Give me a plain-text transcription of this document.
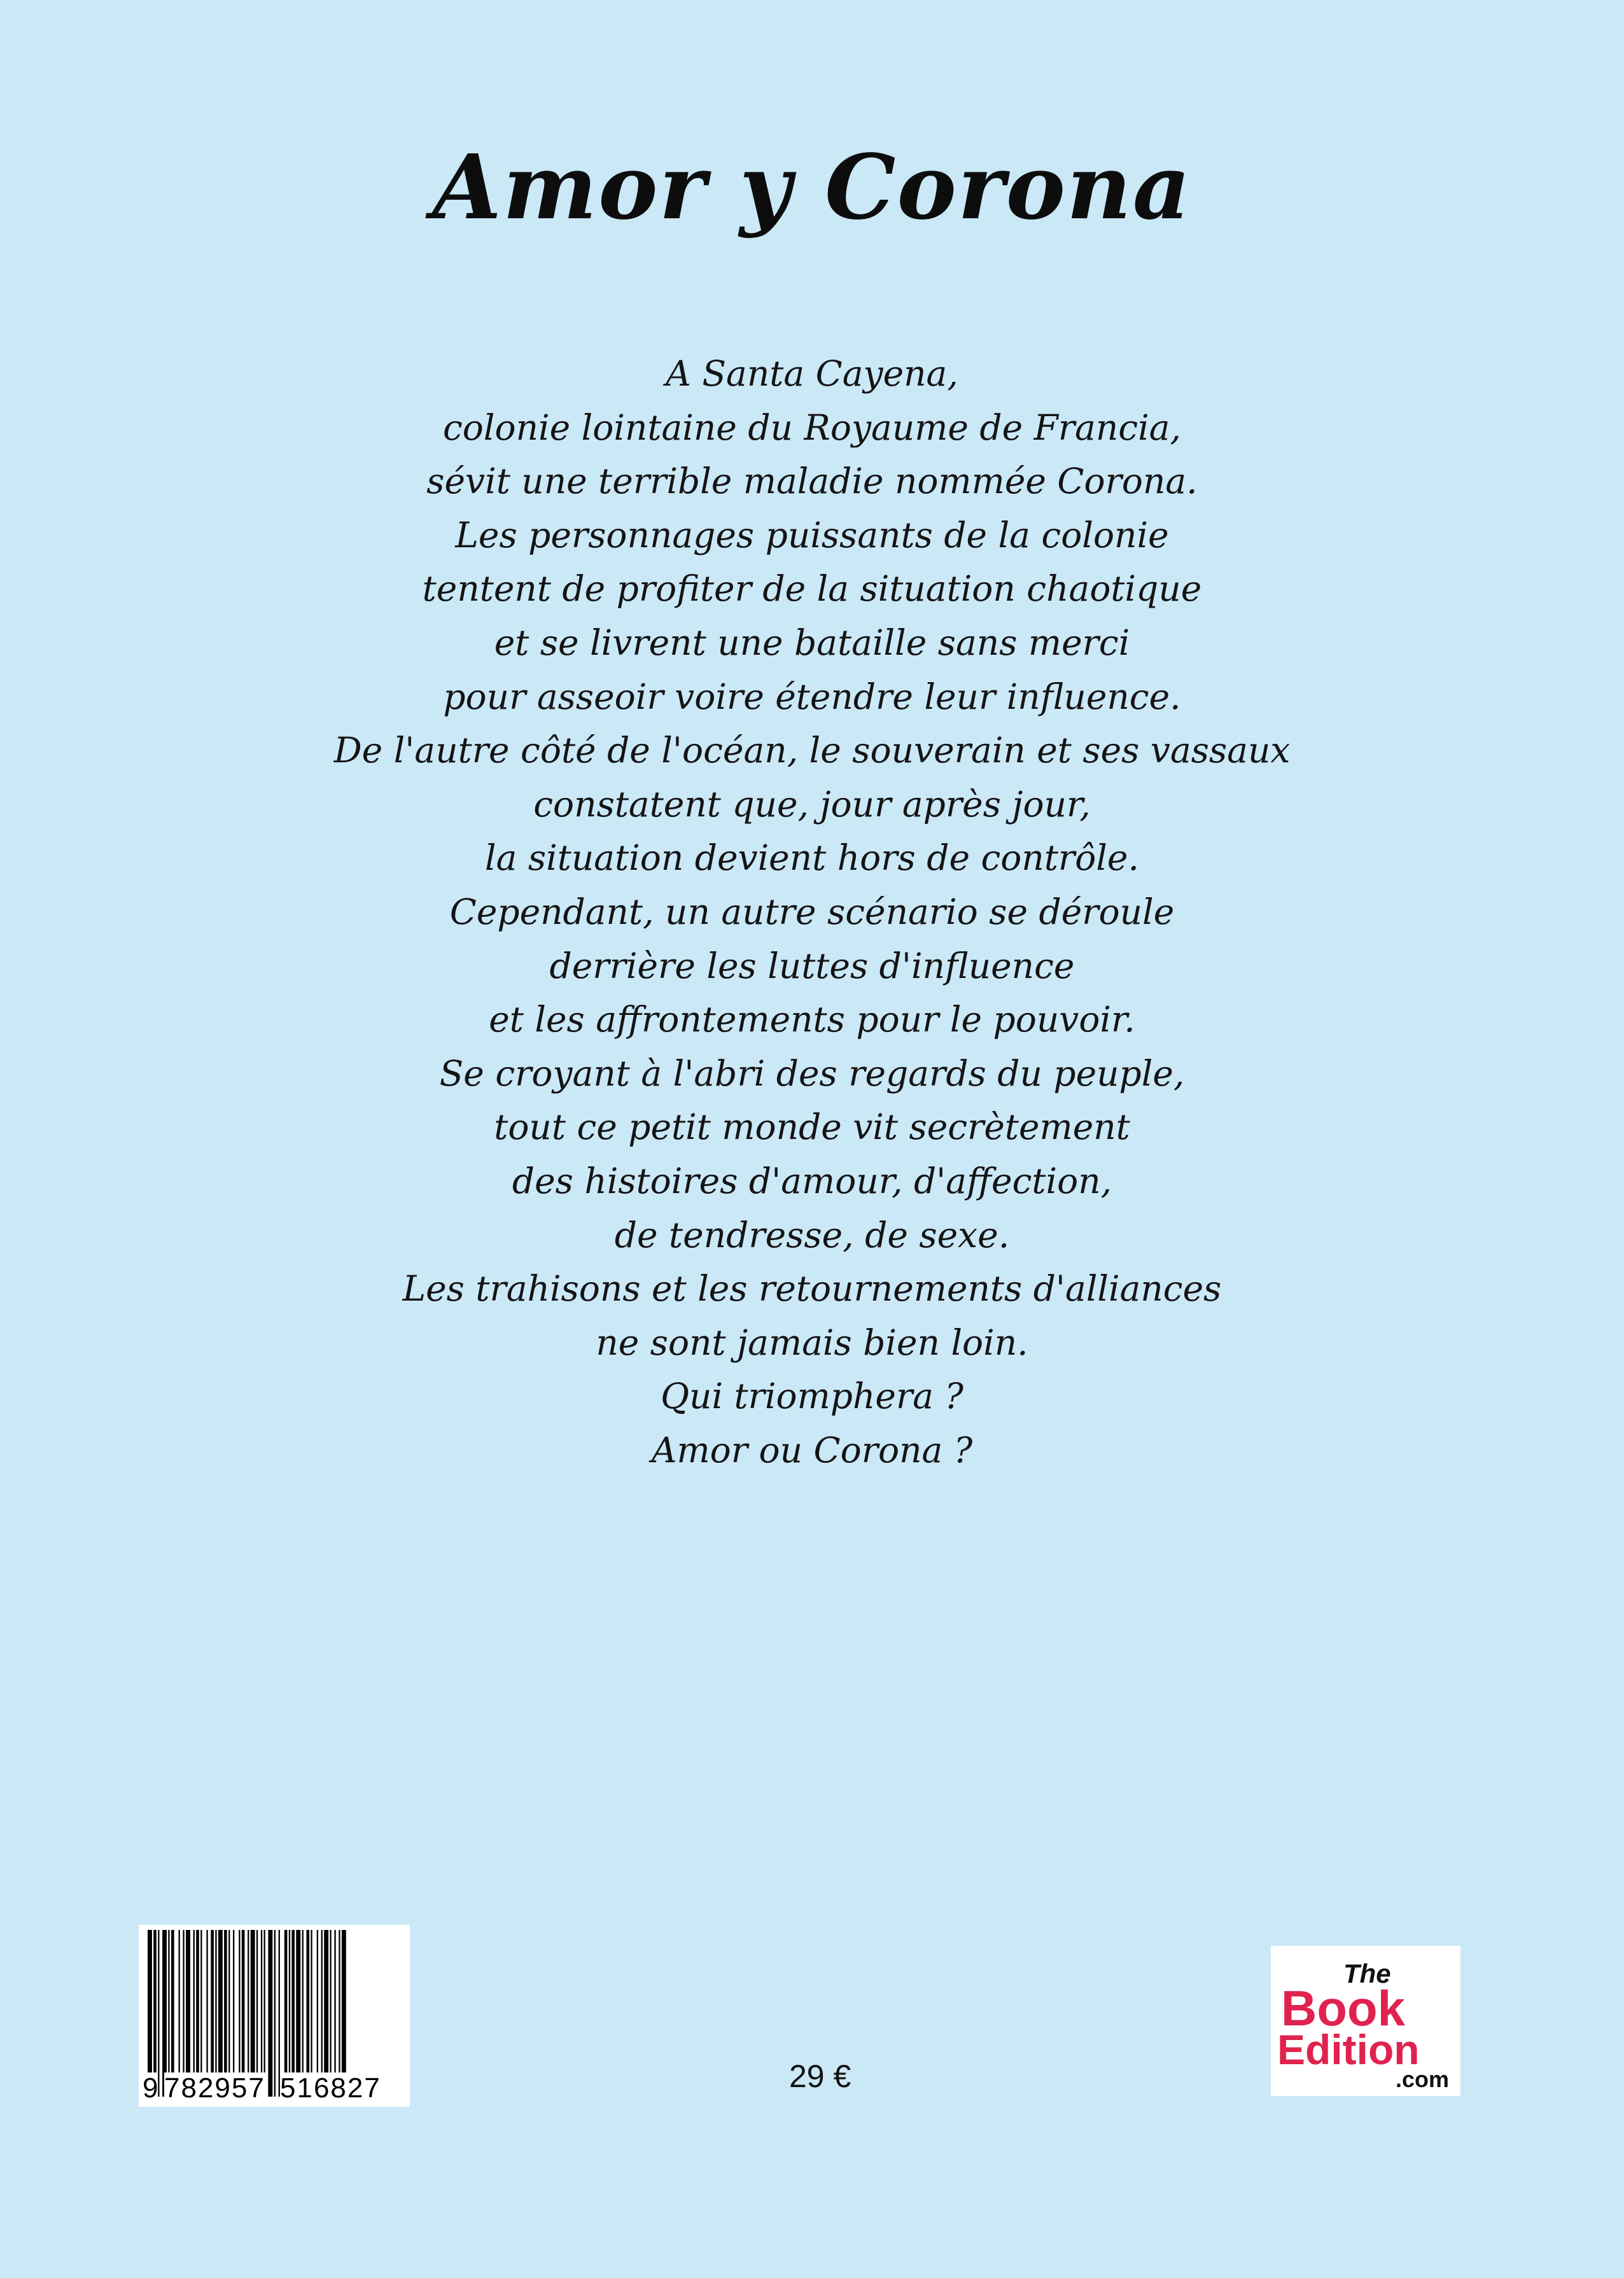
Amor y Corona
A Santa Cayena,
colonie lointaine du Royaume de Francia,
sévit une terrible maladie nommée Corona.
Les personnages puissants de la colonie
tentent de profiter de la situation chaotique
et se livrent une bataille sans merci
pour asseoir voire étendre leur influence.
De l'autre côté de l'océan, le souverain et ses vassaux
constatent que, jour après jour,
la situation devient hors de contrôle.
Cependant, un autre scénario se déroule
derrière les luttes d'influence
et les affrontements pour le pouvoir.
Se croyant à l'abri des regards du peuple,
tout ce petit monde vit secrètement
des histoires d'amour, d'affection,
de tendresse, de sexe.
Les trahisons et les retournements d'alliances
ne sont jamais bien loin.
Qui triomphera ?
Amor ou Corona ?
9 782957 516827	29 €
The
Book
Edition
.com
